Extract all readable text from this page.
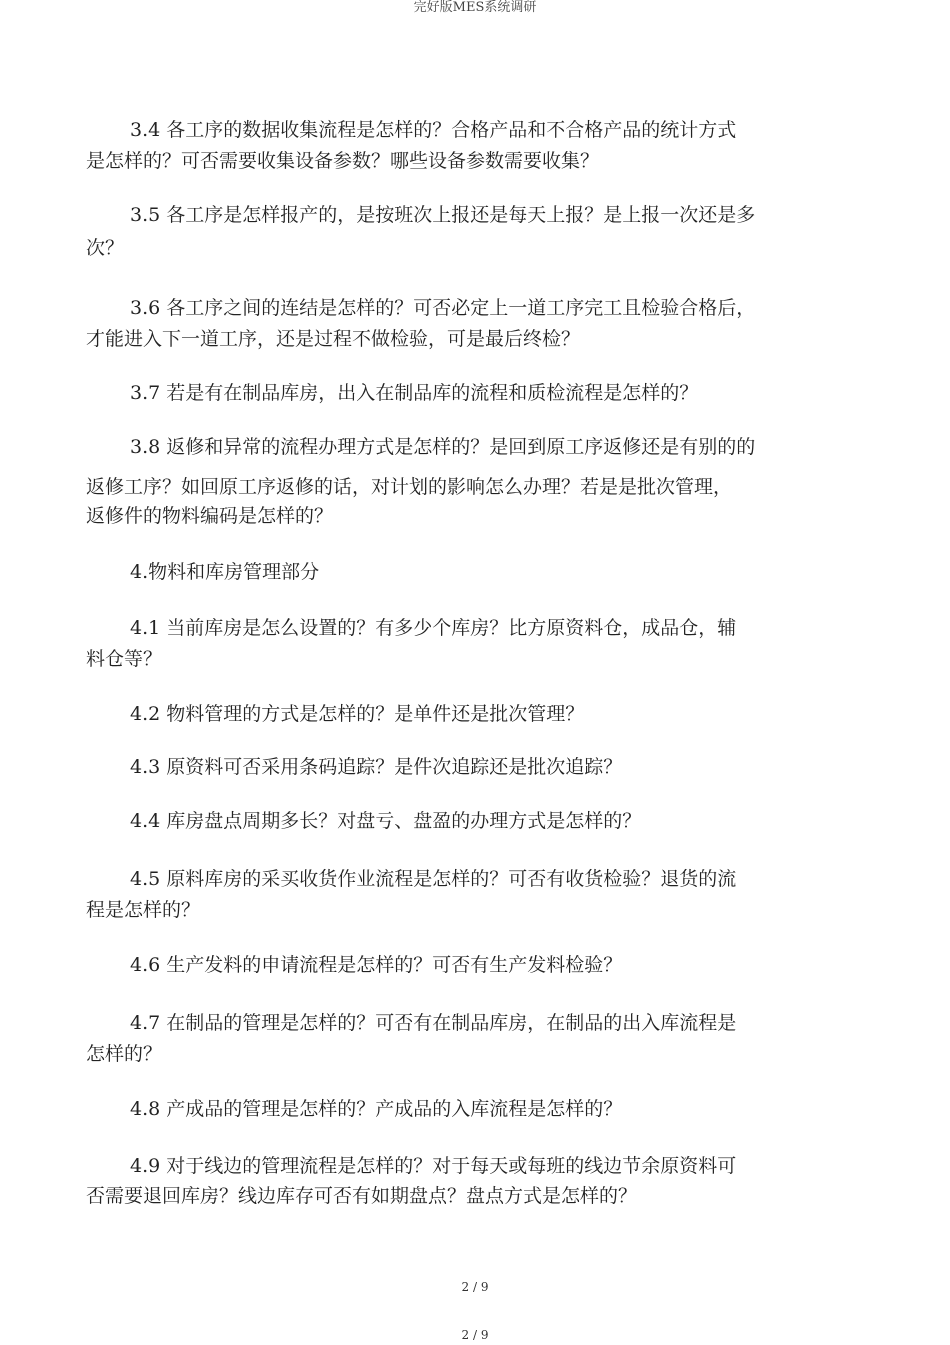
完好版MES系统调研
3.4 各工序的数据收集流程是怎样的？合格产品和不合格产品的统计方式
是怎样的？可否需要收集设备参数？哪些设备参数需要收集？
3.5 各工序是怎样报产的，是按班次上报还是每天上报？是上报一次还是多
次？
3.6 各工序之间的连结是怎样的？可否必定上一道工序完工且检验合格后，
才能进入下一道工序，还是过程不做检验，可是最后终检？
3.7 若是有在制品库房，出入在制品库的流程和质检流程是怎样的？
3.8 返修和异常的流程办理方式是怎样的？是回到原工序返修还是有别的的
返修工序？如回原工序返修的话，对计划的影响怎么办理？若是是批次管理，
返修件的物料编码是怎样的？
4.物料和库房管理部分
4.1 当前库房是怎么设置的？有多少个库房？比方原资料仓，成品仓，辅
料仓等？
4.2 物料管理的方式是怎样的？是单件还是批次管理？
4.3 原资料可否采用条码追踪？是件次追踪还是批次追踪？
4.4 库房盘点周期多长？对盘亏、盘盈的办理方式是怎样的？
4.5 原料库房的采买收货作业流程是怎样的？可否有收货检验？退货的流
程是怎样的？
4.6 生产发料的申请流程是怎样的？可否有生产发料检验？
4.7 在制品的管理是怎样的？可否有在制品库房，在制品的出入库流程是
怎样的？
4.8 产成品的管理是怎样的？产成品的入库流程是怎样的？
4.9 对于线边的管理流程是怎样的？对于每天或每班的线边节余原资料可
否需要退回库房？线边库存可否有如期盘点？盘点方式是怎样的？
2 / 9
2 / 9
